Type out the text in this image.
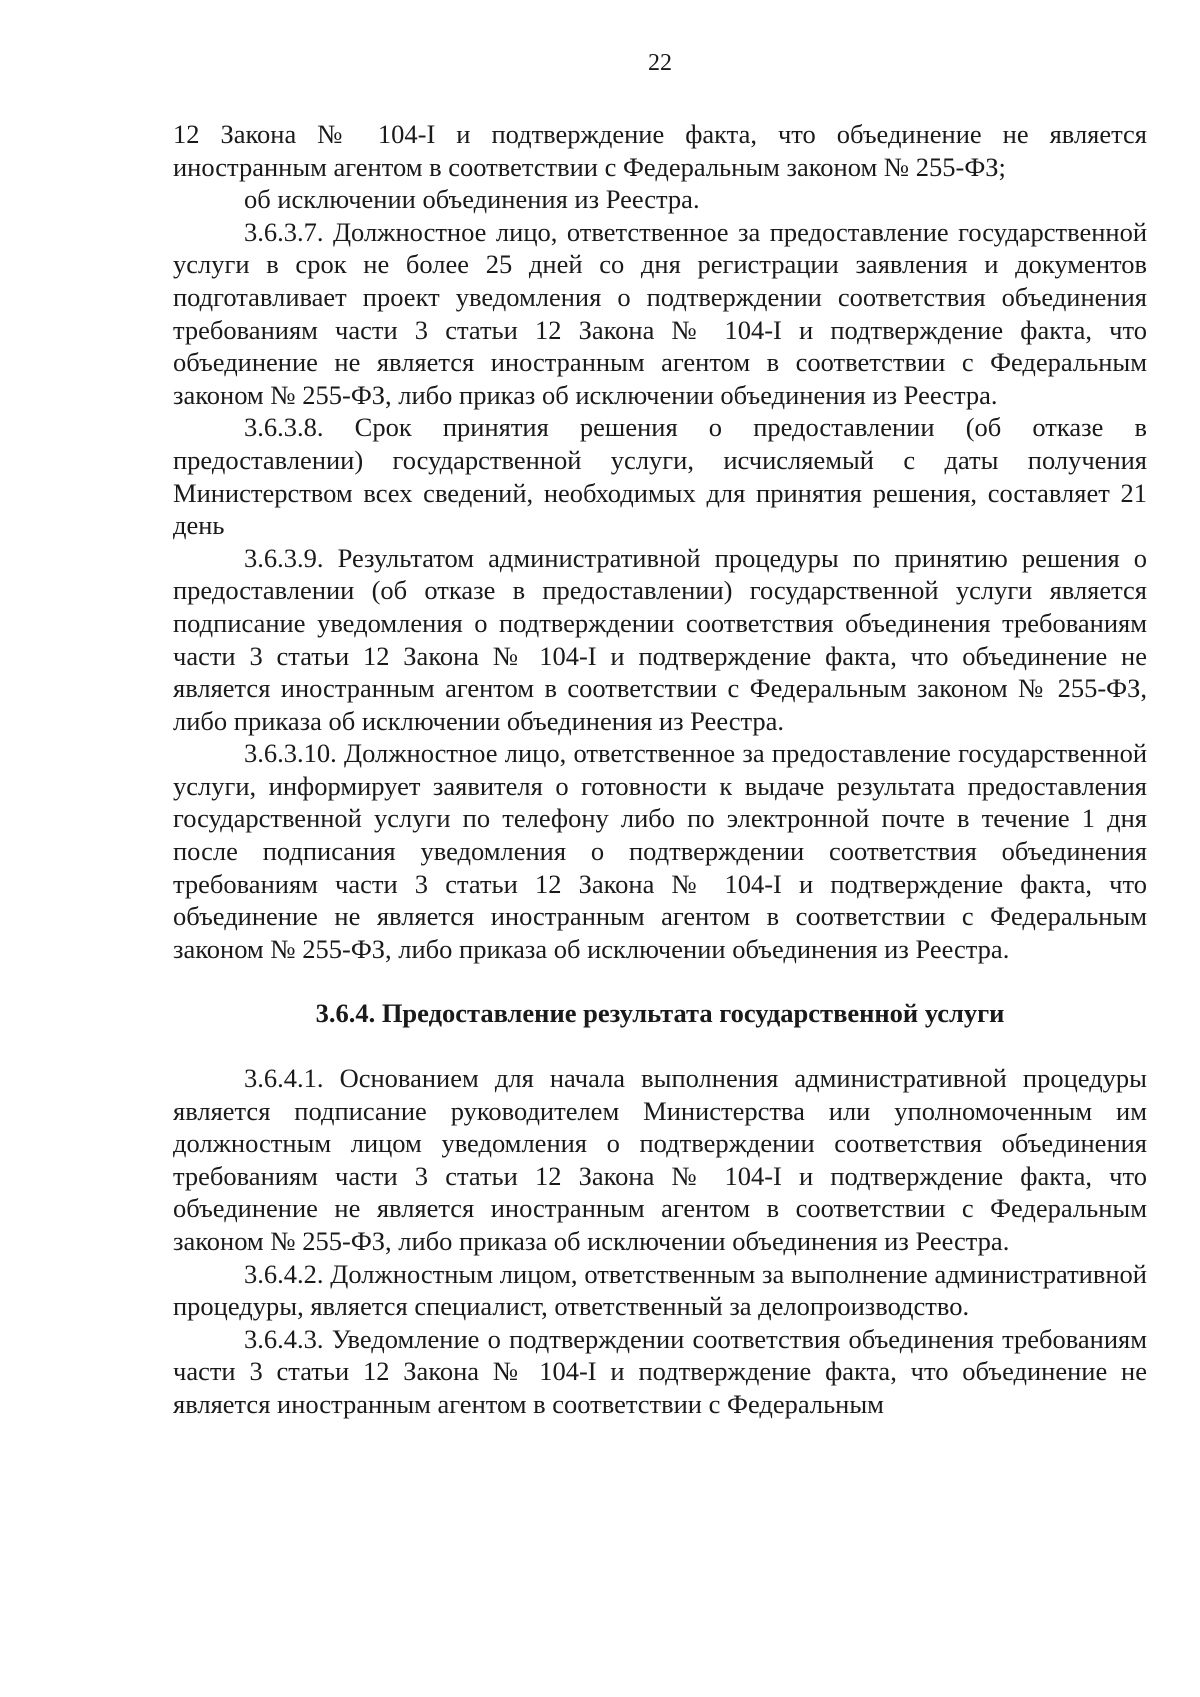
22

12 Закона № 104-I и подтверждение факта, что объединение не является иностранным агентом в соответствии с Федеральным законом № 255-ФЗ;

об исключении объединения из Реестра.

3.6.3.7. Должностное лицо, ответственное за предоставление государственной услуги в срок не более 25 дней со дня регистрации заявления и документов подготавливает проект уведомления о подтверждении соответствия объединения требованиям части 3 статьи 12 Закона № 104-I и подтверждение факта, что объединение не является иностранным агентом в соответствии с Федеральным законом № 255-ФЗ, либо приказ об исключении объединения из Реестра.

3.6.3.8. Срок принятия решения о предоставлении (об отказе в предоставлении) государственной услуги, исчисляемый с даты получения Министерством всех сведений, необходимых для принятия решения, составляет 21 день

3.6.3.9. Результатом административной процедуры по принятию решения о предоставлении (об отказе в предоставлении) государственной услуги является подписание уведомления о подтверждении соответствия объединения требованиям части 3 статьи 12 Закона № 104-I и подтверждение факта, что объединение не является иностранным агентом в соответствии с Федеральным законом № 255-ФЗ, либо приказа об исключении объединения из Реестра.

3.6.3.10. Должностное лицо, ответственное за предоставление государственной услуги, информирует заявителя о готовности к выдаче результата предоставления государственной услуги по телефону либо по электронной почте в течение 1 дня после подписания уведомления о подтверждении соответствия объединения требованиям части 3 статьи 12 Закона № 104-I и подтверждение факта, что объединение не является иностранным агентом в соответствии с Федеральным законом № 255-ФЗ, либо приказа об исключении объединения из Реестра.

3.6.4. Предоставление результата государственной услуги

3.6.4.1. Основанием для начала выполнения административной процедуры является подписание руководителем Министерства или уполномоченным им должностным лицом уведомления о подтверждении соответствия объединения требованиям части 3 статьи 12 Закона № 104-I и подтверждение факта, что объединение не является иностранным агентом в соответствии с Федеральным законом № 255-ФЗ, либо приказа об исключении объединения из Реестра.

3.6.4.2. Должностным лицом, ответственным за выполнение административной процедуры, является специалист, ответственный за делопроизводство.

3.6.4.3. Уведомление о подтверждении соответствия объединения требованиям части 3 статьи 12 Закона № 104-I и подтверждение факта, что объединение не является иностранным агентом в соответствии с Федеральным
